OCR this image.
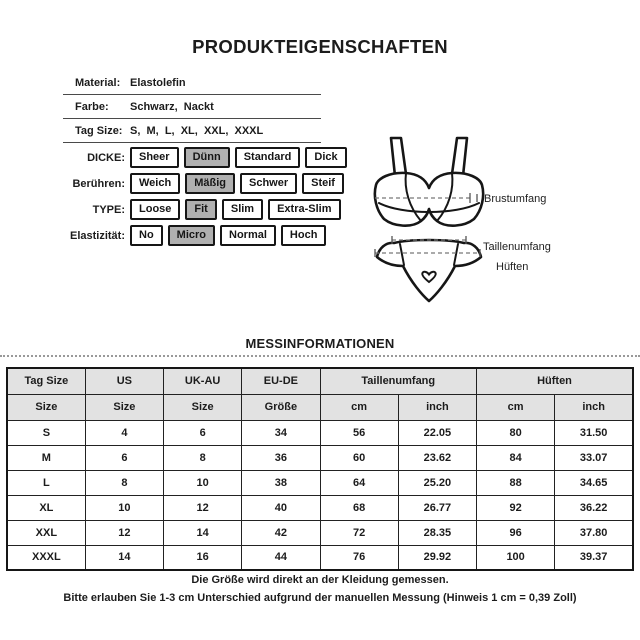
PRODUKTEIGENSCHAFTEN
Material: Elastolefin
Farbe:	Schwarz,  Nackt
Tag Size: S,  M,  L,  XL,  XXL,  XXXL
DICKE:	Sheer	Dünn	Standard	Dick
Berühren:	Weich	Mäßig	Schwer	Steif
TYPE:	Loose	Fit	Slim	Extra-Slim
Elastizität:	No	Micro	Normal	Hoch
Brustumfang
Taillenumfang
Hüften
MESSINFORMATIONEN
Tag Size	US	UK-AU	EU-DE	Taillenumfang		Hüften	
Size	Size	Size	Größe	cm	inch	cm	inch
S	4	6	34	56	22.05	80	31.50
M	6	8	36	60	23.62	84	33.07
L	8	10	38	64	25.20	88	34.65
XL	10	12	40	68	26.77	92	36.22
XXL	12	14	42	72	28.35	96	37.80
XXXL	14	16	44	76	29.92	100	39.37
Die Größe wird direkt an der Kleidung gemessen.
Bitte erlauben Sie 1-3 cm Unterschied aufgrund der manuellen Messung (Hinweis 1 cm = 0,39 Zoll)
